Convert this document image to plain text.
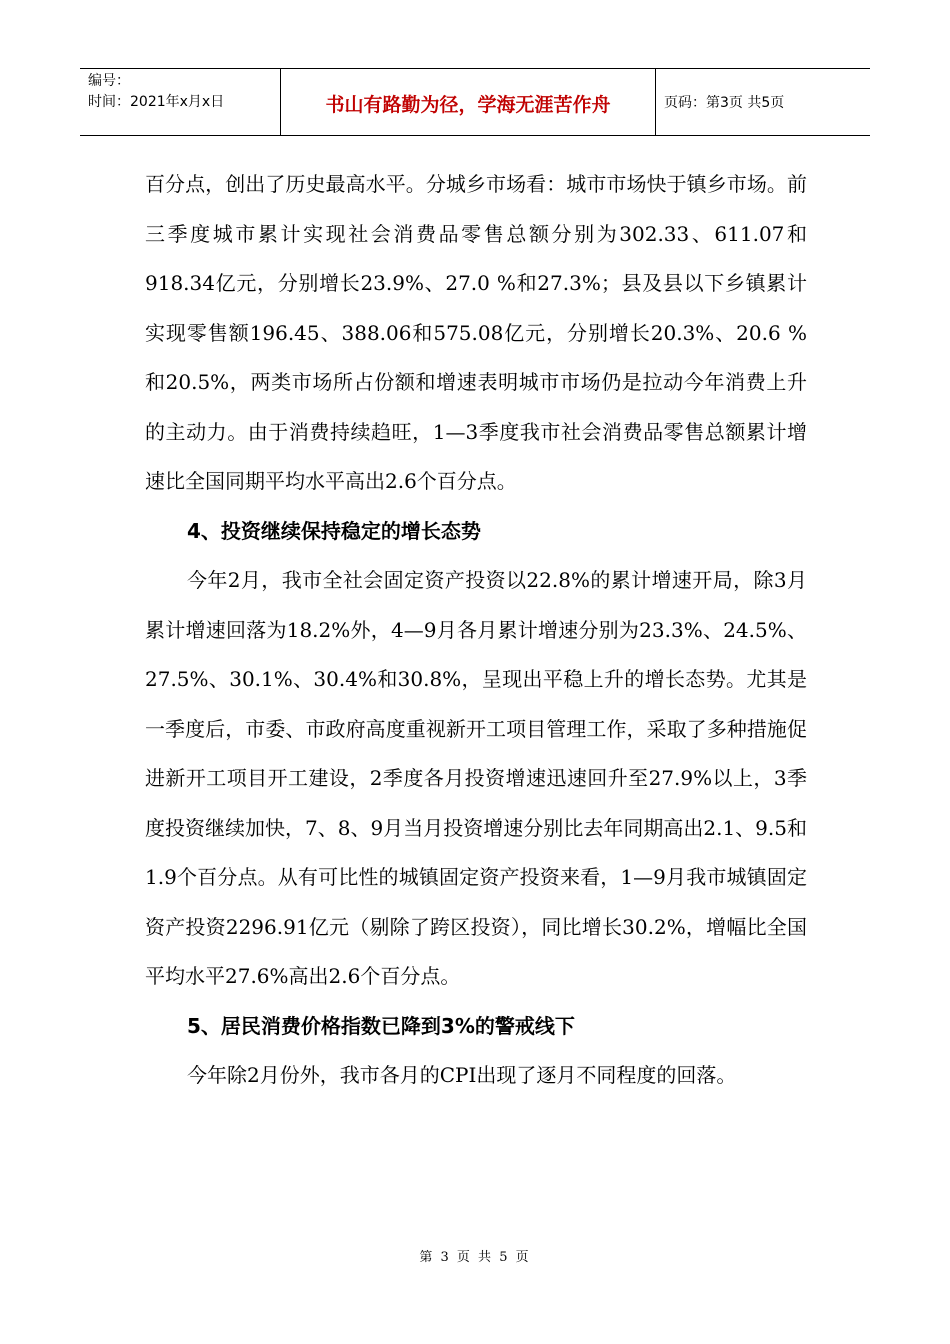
编号：
时间：2021年x月x日	书山有路勤为径，学海无涯苦作舟	页码：第3页 共5页

百分点，创出了历史最高水平。分城乡市场看：城市市场快于镇乡市场。前三季度城市累计实现社会消费品零售总额分别为302.33、611.07和918.34亿元，分别增长23.9%、27.0 %和27.3%；县及县以下乡镇累计实现零售额196.45、388.06和575.08亿元，分别增长20.3%、20.6 %和20.5%，两类市场所占份额和增速表明城市市场仍是拉动今年消费上升的主动力。由于消费持续趋旺，1—3季度我市社会消费品零售总额累计增速比全国同期平均水平高出2.6个百分点。

4、投资继续保持稳定的增长态势

今年2月，我市全社会固定资产投资以22.8%的累计增速开局，除3月累计增速回落为18.2%外，4—9月各月累计增速分别为23.3%、24.5%、27.5%、30.1%、30.4%和30.8%，呈现出平稳上升的增长态势。尤其是一季度后，市委、市政府高度重视新开工项目管理工作，采取了多种措施促进新开工项目开工建设，2季度各月投资增速迅速回升至27.9%以上，3季度投资继续加快，7、8、9月当月投资增速分别比去年同期高出2.1、9.5和1.9个百分点。从有可比性的城镇固定资产投资来看，1—9月我市城镇固定资产投资2296.91亿元（剔除了跨区投资），同比增长30.2%，增幅比全国平均水平27.6%高出2.6个百分点。

5、居民消费价格指数已降到3%的警戒线下

今年除2月份外，我市各月的CPI出现了逐月不同程度的回落。

第 3 页 共 5 页
